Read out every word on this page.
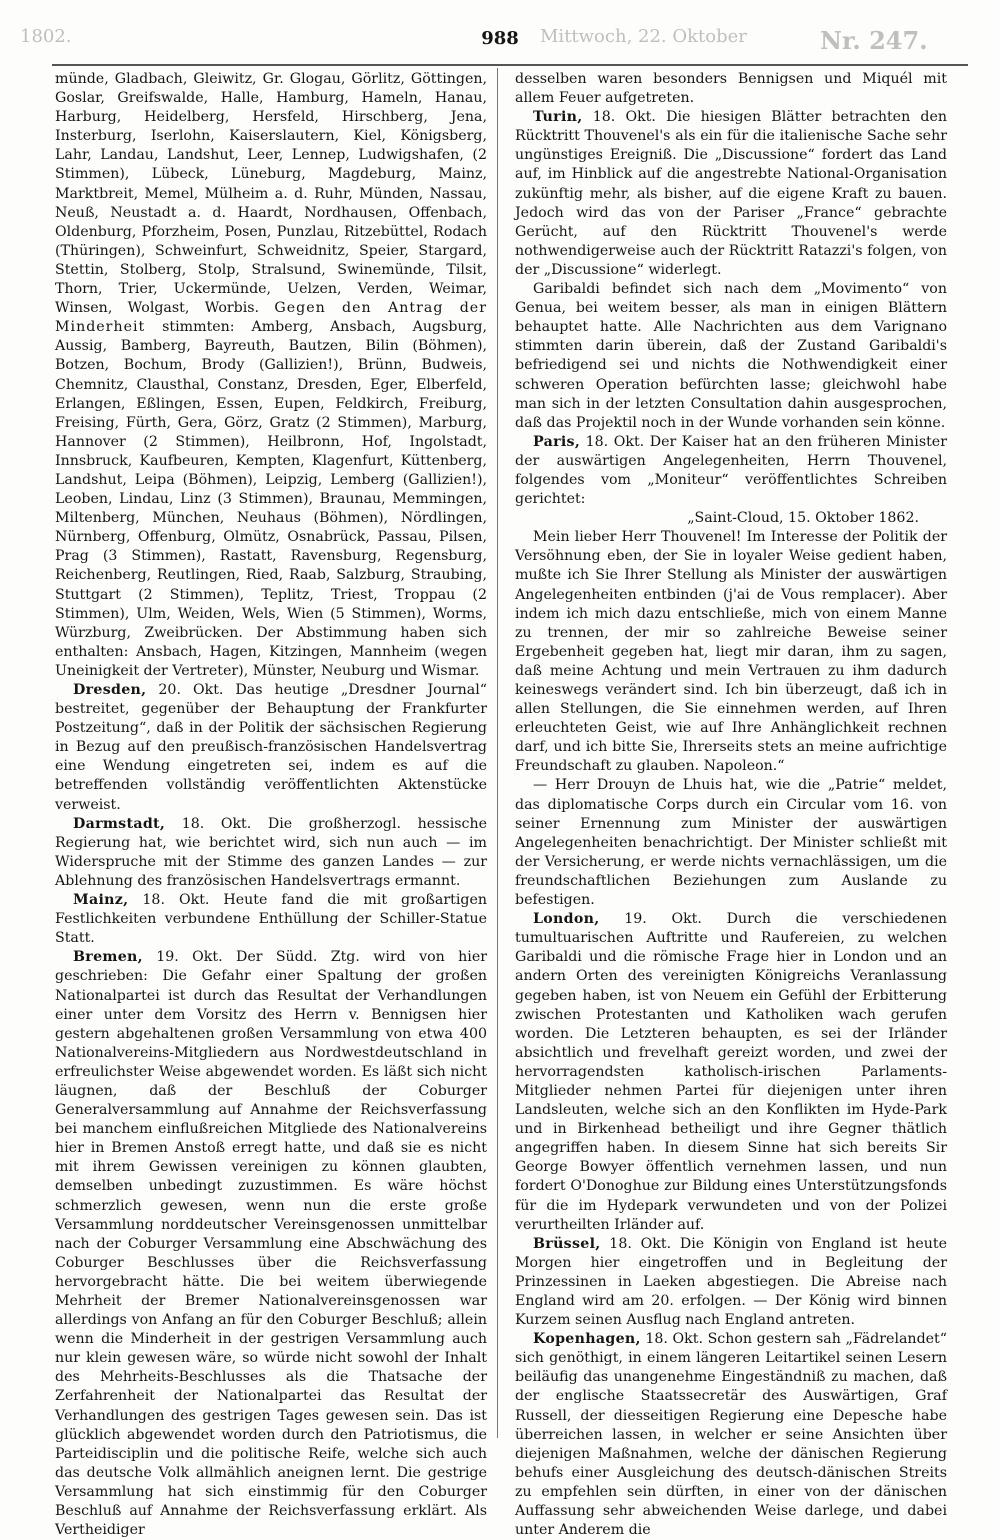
1802.	988	Mittwoch, 22. Oktober	Nr. 247.

münde, Gladbach, Gleiwitz, Gr. Glogau, Görlitz, Göttingen, Goslar, Greifswalde, Halle, Hamburg, Hameln, Hanau, Harburg, Heidelberg, Hersfeld, Hirschberg, Jena, Insterburg, Iserlohn, Kaiserslautern, Kiel, Königsberg, Lahr, Landau, Landshut, Leer, Lennep, Ludwigshafen, (2 Stimmen), Lübeck, Lüneburg, Magdeburg, Mainz, Marktbreit, Memel, Mülheim a. d. Ruhr, Münden, Nassau, Neuß, Neustadt a. d. Haardt, Nordhausen, Offenbach, Oldenburg, Pforzheim, Posen, Punzlau, Ritzebüttel, Rodach (Thüringen), Schweinfurt, Schweidnitz, Speier, Stargard, Stettin, Stolberg, Stolp, Stralsund, Swinemünde, Tilsit, Thorn, Trier, Uckermünde, Uelzen, Verden, Weimar, Winsen, Wolgast, Worbis. Gegen den Antrag der Minderheit stimmten: Amberg, Ansbach, Augsburg, Aussig, Bamberg, Bayreuth, Bautzen, Bilin (Böhmen), Botzen, Bochum, Brody (Gallizien!), Brünn, Budweis, Chemnitz, Clausthal, Constanz, Dresden, Eger, Elberfeld, Erlangen, Eßlingen, Essen, Eupen, Feldkirch, Freiburg, Freising, Fürth, Gera, Görz, Gratz (2 Stimmen), Marburg, Hannover (2 Stimmen), Heilbronn, Hof, Ingolstadt, Innsbruck, Kaufbeuren, Kempten, Klagenfurt, Küttenberg, Landshut, Leipa (Böhmen), Leipzig, Lemberg (Gallizien!), Leoben, Lindau, Linz (3 Stimmen), Braunau, Memmingen, Miltenberg, München, Neuhaus (Böhmen), Nördlingen, Nürnberg, Offenburg, Olmütz, Osnabrück, Passau, Pilsen, Prag (3 Stimmen), Rastatt, Ravensburg, Regensburg, Reichenberg, Reutlingen, Ried, Raab, Salzburg, Straubing, Stuttgart (2 Stimmen), Teplitz, Triest, Troppau (2 Stimmen), Ulm, Weiden, Wels, Wien (5 Stimmen), Worms, Würzburg, Zweibrücken. Der Abstimmung haben sich enthalten: Ansbach, Hagen, Kitzingen, Mannheim (wegen Uneinigkeit der Vertreter), Münster, Neuburg und Wismar.

Dresden, 20. Okt. Das heutige „Dresdner Journal“ bestreitet, gegenüber der Behauptung der Frankfurter Postzeitung“, daß in der Politik der sächsischen Regierung in Bezug auf den preußisch-französischen Handelsvertrag eine Wendung eingetreten sei, indem es auf die betreffenden vollständig veröffentlichten Aktenstücke verweist.

Darmstadt, 18. Okt. Die großherzogl. hessische Regierung hat, wie berichtet wird, sich nun auch — im Widerspruche mit der Stimme des ganzen Landes — zur Ablehnung des französischen Handelsvertrags ermannt.

Mainz, 18. Okt. Heute fand die mit großartigen Festlichkeiten verbundene Enthüllung der Schiller-Statue Statt.

Bremen, 19. Okt. Der Südd. Ztg. wird von hier geschrieben: Die Gefahr einer Spaltung der großen Nationalpartei ist durch das Resultat der Verhandlungen einer unter dem Vorsitz des Herrn v. Bennigsen hier gestern abgehaltenen großen Versammlung von etwa 400 Nationalvereins-Mitgliedern aus Nordwestdeutschland in erfreulichster Weise abgewendet worden. Es läßt sich nicht läugnen, daß der Beschluß der Coburger Generalversammlung auf Annahme der Reichsverfassung bei manchem einflußreichen Mitgliede des Nationalvereins hier in Bremen Anstoß erregt hatte, und daß sie es nicht mit ihrem Gewissen vereinigen zu können glaubten, demselben unbedingt zuzustimmen. Es wäre höchst schmerzlich gewesen, wenn nun die erste große Versammlung norddeutscher Vereinsgenossen unmittelbar nach der Coburger Versammlung eine Abschwächung des Coburger Beschlusses über die Reichsverfassung hervorgebracht hätte. Die bei weitem überwiegende Mehrheit der Bremer Nationalvereinsgenossen war allerdings von Anfang an für den Coburger Beschluß; allein wenn die Minderheit in der gestrigen Versammlung auch nur klein gewesen wäre, so würde nicht sowohl der Inhalt des Mehrheits-Beschlusses als die Thatsache der Zerfahrenheit der Nationalpartei das Resultat der Verhandlungen des gestrigen Tages gewesen sein. Das ist glücklich abgewendet worden durch den Patriotismus, die Parteidisciplin und die politische Reife, welche sich auch das deutsche Volk allmählich aneignen lernt. Die gestrige Versammlung hat sich einstimmig für den Coburger Beschluß auf Annahme der Reichsverfassung erklärt. Als Vertheidiger

desselben waren besonders Bennigsen und Miquél mit allem Feuer aufgetreten.

Turin, 18. Okt. Die hiesigen Blätter betrachten den Rücktritt Thouvenel's als ein für die italienische Sache sehr ungünstiges Ereigniß. Die „Discussione“ fordert das Land auf, im Hinblick auf die angestrebte National-Organisation zukünftig mehr, als bisher, auf die eigene Kraft zu bauen. Jedoch wird das von der Pariser „France“ gebrachte Gerücht, auf den Rücktritt Thouvenel's werde nothwendigerweise auch der Rücktritt Ratazzi's folgen, von der „Discussione“ widerlegt.

Garibaldi befindet sich nach dem „Movimento“ von Genua, bei weitem besser, als man in einigen Blättern behauptet hatte. Alle Nachrichten aus dem Varignano stimmten darin überein, daß der Zustand Garibaldi's befriedigend sei und nichts die Nothwendigkeit einer schweren Operation befürchten lasse; gleichwohl habe man sich in der letzten Consultation dahin ausgesprochen, daß das Projektil noch in der Wunde vorhanden sein könne.

Paris, 18. Okt. Der Kaiser hat an den früheren Minister der auswärtigen Angelegenheiten, Herrn Thouvenel, folgendes vom „Moniteur“ veröffentlichtes Schreiben gerichtet:

„Saint-Cloud, 15. Oktober 1862.

Mein lieber Herr Thouvenel! Im Interesse der Politik der Versöhnung eben, der Sie in loyaler Weise gedient haben, mußte ich Sie Ihrer Stellung als Minister der auswärtigen Angelegenheiten entbinden (j'ai de Vous remplacer). Aber indem ich mich dazu entschließe, mich von einem Manne zu trennen, der mir so zahlreiche Beweise seiner Ergebenheit gegeben hat, liegt mir daran, ihm zu sagen, daß meine Achtung und mein Vertrauen zu ihm dadurch keineswegs verändert sind. Ich bin überzeugt, daß ich in allen Stellungen, die Sie einnehmen werden, auf Ihren erleuchteten Geist, wie auf Ihre Anhänglichkeit rechnen darf, und ich bitte Sie, Ihrerseits stets an meine aufrichtige Freundschaft zu glauben. Napoleon.“

— Herr Drouyn de Lhuis hat, wie die „Patrie“ meldet, das diplomatische Corps durch ein Circular vom 16. von seiner Ernennung zum Minister der auswärtigen Angelegenheiten benachrichtigt. Der Minister schließt mit der Versicherung, er werde nichts vernachlässigen, um die freundschaftlichen Beziehungen zum Auslande zu befestigen.

London, 19. Okt. Durch die verschiedenen tumultuarischen Auftritte und Raufereien, zu welchen Garibaldi und die römische Frage hier in London und an andern Orten des vereinigten Königreichs Veranlassung gegeben haben, ist von Neuem ein Gefühl der Erbitterung zwischen Protestanten und Katholiken wach gerufen worden. Die Letzteren behaupten, es sei der Irländer absichtlich und frevelhaft gereizt worden, und zwei der hervorragendsten katholisch-irischen Parlaments-Mitglieder nehmen Partei für diejenigen unter ihren Landsleuten, welche sich an den Konflikten im Hyde-Park und in Birkenhead betheiligt und ihre Gegner thätlich angegriffen haben. In diesem Sinne hat sich bereits Sir George Bowyer öffentlich vernehmen lassen, und nun fordert O'Donoghue zur Bildung eines Unterstützungsfonds für die im Hydepark verwundeten und von der Polizei verurtheilten Irländer auf.

Brüssel, 18. Okt. Die Königin von England ist heute Morgen hier eingetroffen und in Begleitung der Prinzessinen in Laeken abgestiegen. Die Abreise nach England wird am 20. erfolgen. — Der König wird binnen Kurzem seinen Ausflug nach England antreten.

Kopenhagen, 18. Okt. Schon gestern sah „Fädrelandet“ sich genöthigt, in einem längeren Leitartikel seinen Lesern beiläufig das unangenehme Eingeständniß zu machen, daß der englische Staatssecretär des Auswärtigen, Graf Russell, der diesseitigen Regierung eine Depesche habe überreichen lassen, in welcher er seine Ansichten über diejenigen Maßnahmen, welche der dänischen Regierung behufs einer Ausgleichung des deutsch-dänischen Streits zu empfehlen sein dürften, in einer von der dänischen Auffassung sehr abweichenden Weise darlege, und dabei unter Anderem die
